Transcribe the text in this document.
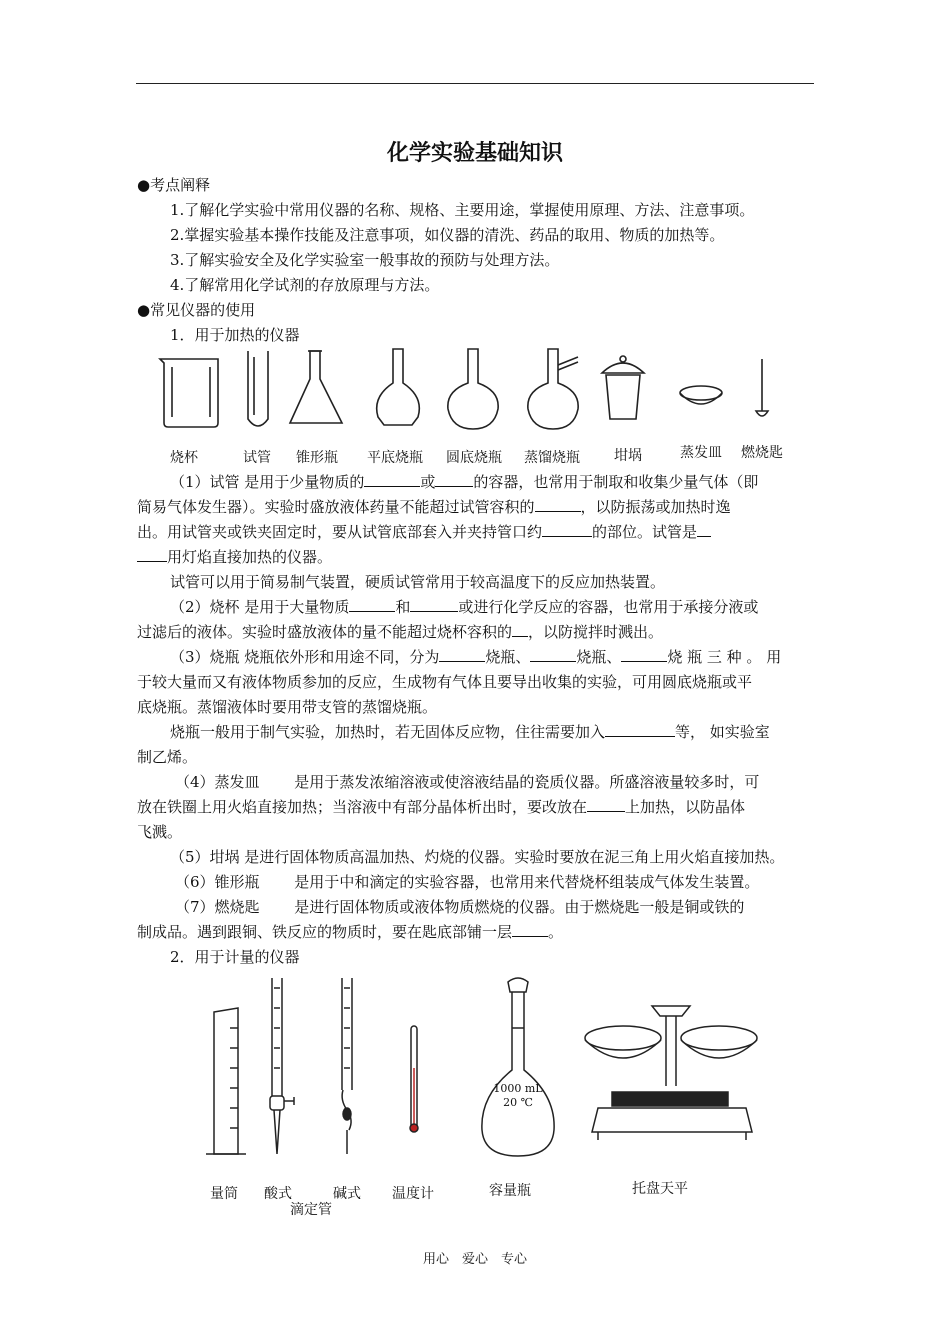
化学实验基础知识
●考点阐释
1.了解化学实验中常用仪器的名称、规格、主要用途，掌握使用原理、方法、注意事项。
2.掌握实验基本操作技能及注意事项，如仪器的清洗、药品的取用、物质的加热等。
3.了解实验安全及化学实验室一般事故的预防与处理方法。
4.了解常用化学试剂的存放原理与方法。
●常见仪器的使用
1．用于加热的仪器
烧杯	试管 锥形瓶 平底烧瓶 圆底烧瓶 蒸馏烧瓶 坩埚	蒸发皿 燃烧匙
（1）试管 是用于少量物质的	或	的容器，也常用于制取和收集少量气体（即
简易气体发生器）。实验时盛放液体药量不能超过试管容积的	，以防振荡或加热时逸
出。用试管夹或铁夹固定时，要从试管底部套入并夹持管口约	的部位。试管是
用灯焰直接加热的仪器。
试管可以用于简易制气装置，硬质试管常用于较高温度下的反应加热装置。
（2）烧杯 是用于大量物质	和	或进行化学反应的容器，也常用于承接分液或
过滤后的液体。实验时盛放液体的量不能超过烧杯容积的 ，以防搅拌时溅出。
（3）烧瓶 烧瓶依外形和用途不同，分为	烧瓶、	烧瓶、	烧 瓶 三 种 。 用
于较大量而又有液体物质参加的反应，生成物有气体且要导出收集的实验，可用圆底烧瓶或平
底烧瓶。蒸馏液体时要用带支管的蒸馏烧瓶。
烧瓶一般用于制气实验，加热时，若无固体反应物，住往需要加入	等， 如实验室
制乙烯。
（4）蒸发皿 　　是用于蒸发浓缩溶液或使溶液结晶的瓷质仪器。所盛溶液量较多时，可
放在铁圈上用火焰直接加热；当溶液中有部分晶体析出时，要改放在	上加热，以防晶体
飞溅。
（5）坩埚 是进行固体物质高温加热、灼烧的仪器。实验时要放在泥三角上用火焰直接加热。
（6）锥形瓶 　　是用于中和滴定的实验容器，也常用来代替烧杯组装成气体发生装置。
（7）燃烧匙 　　是进行固体物质或液体物质燃烧的仪器。由于燃烧匙一般是铜或铁的
制成品。遇到跟铜、铁反应的物质时，要在匙底部铺一层 。
2．用于计量的仪器
1000 mL
20 ℃
量筒 酸式	碱式
滴定管
温度计	容量瓶	托盘天平
用心　爱心　专心
